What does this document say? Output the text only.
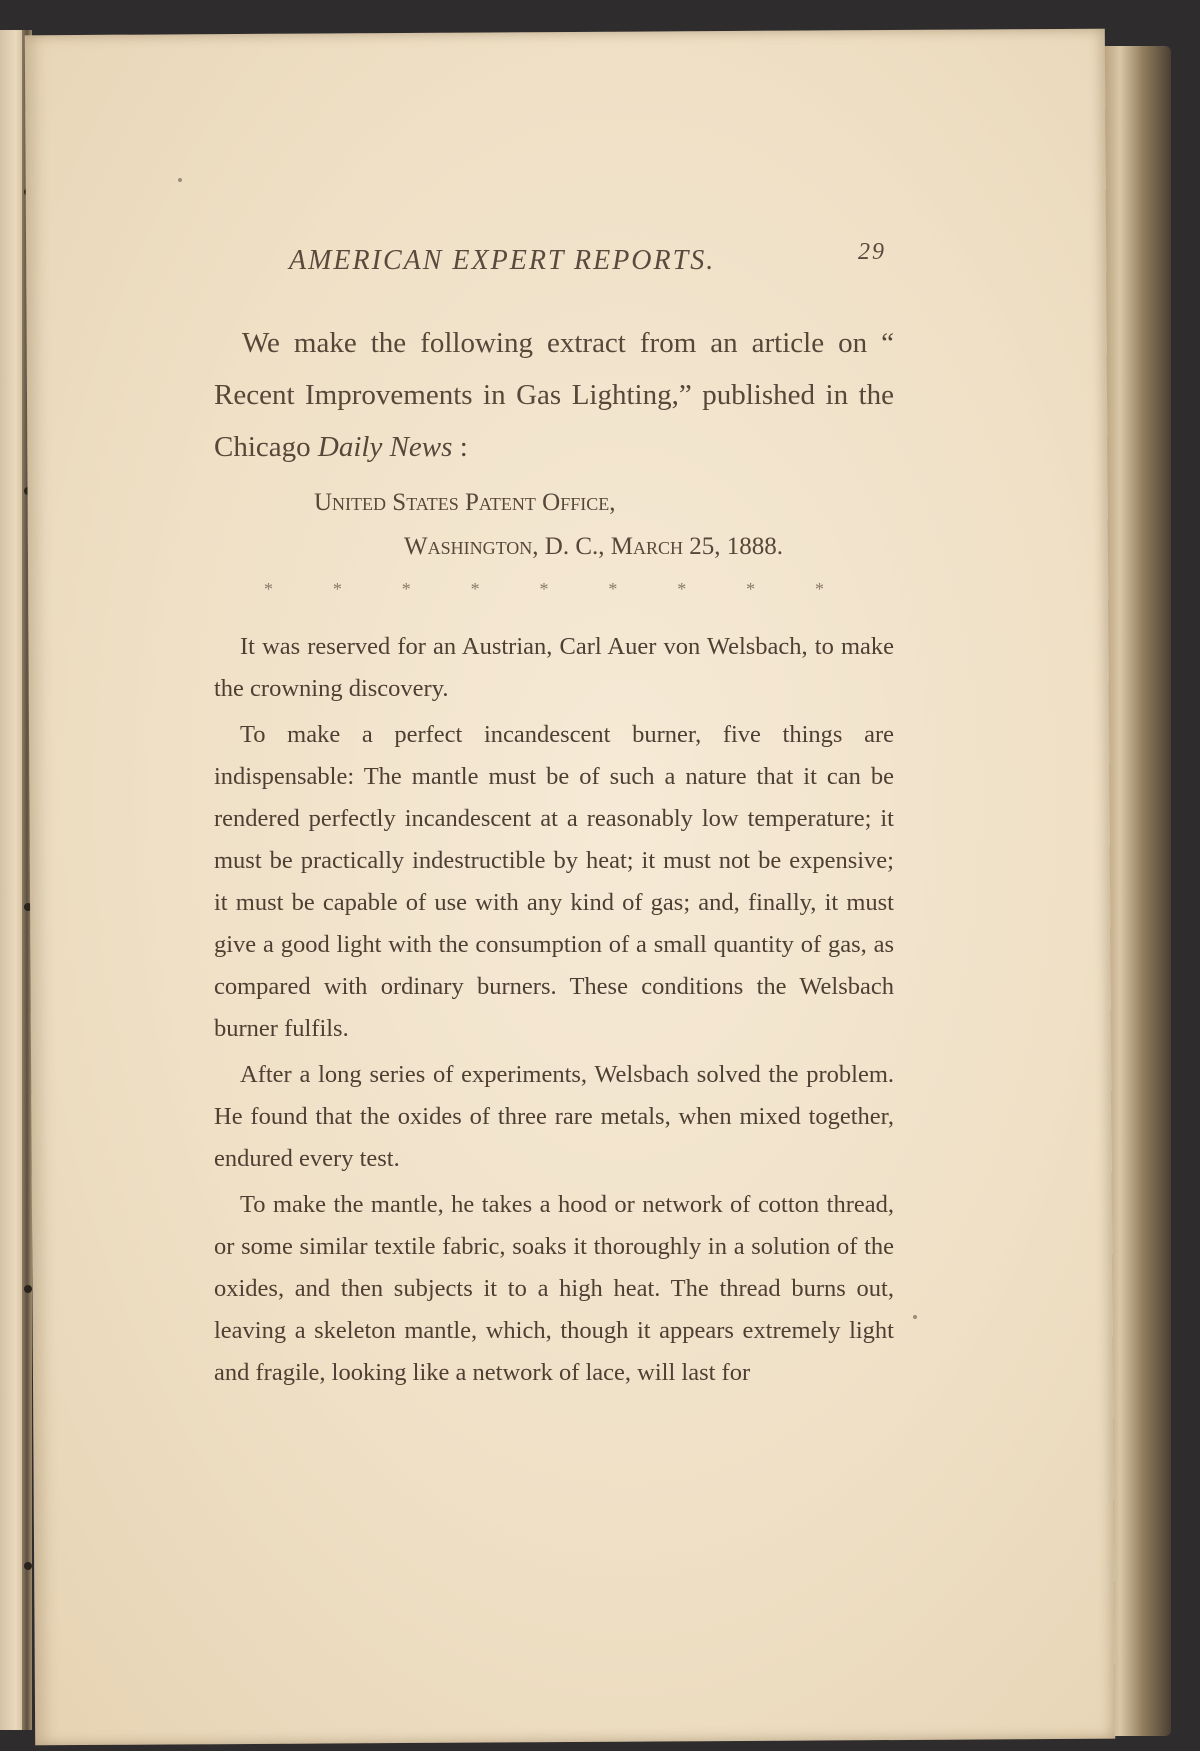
AMERICAN EXPERT REPORTS.	29

We make the following extract from an article on “ Recent Improvements in Gas Lighting,” published in the Chicago Daily News :

United States Patent Office,
Washington, D. C., March 25, 1888.
*	*	*	*	*	*	*	*	*

It was reserved for an Austrian, Carl Auer von Welsbach, to make the crowning discovery.

To make a perfect incandescent burner, five things are indispensable: The mantle must be of such a nature that it can be rendered perfectly incandescent at a reasonably low temperature; it must be practically indestructible by heat; it must not be expensive; it must be capable of use with any kind of gas; and, finally, it must give a good light with the consumption of a small quantity of gas, as compared with ordinary burners. These conditions the Welsbach burner fulfils.

After a long series of experiments, Welsbach solved the problem. He found that the oxides of three rare metals, when mixed together, endured every test.

To make the mantle, he takes a hood or network of cotton thread, or some similar textile fabric, soaks it thoroughly in a solution of the oxides, and then subjects it to a high heat. The thread burns out, leaving a skeleton mantle, which, though it appears extremely light and fragile, looking like a network of lace, will last for
